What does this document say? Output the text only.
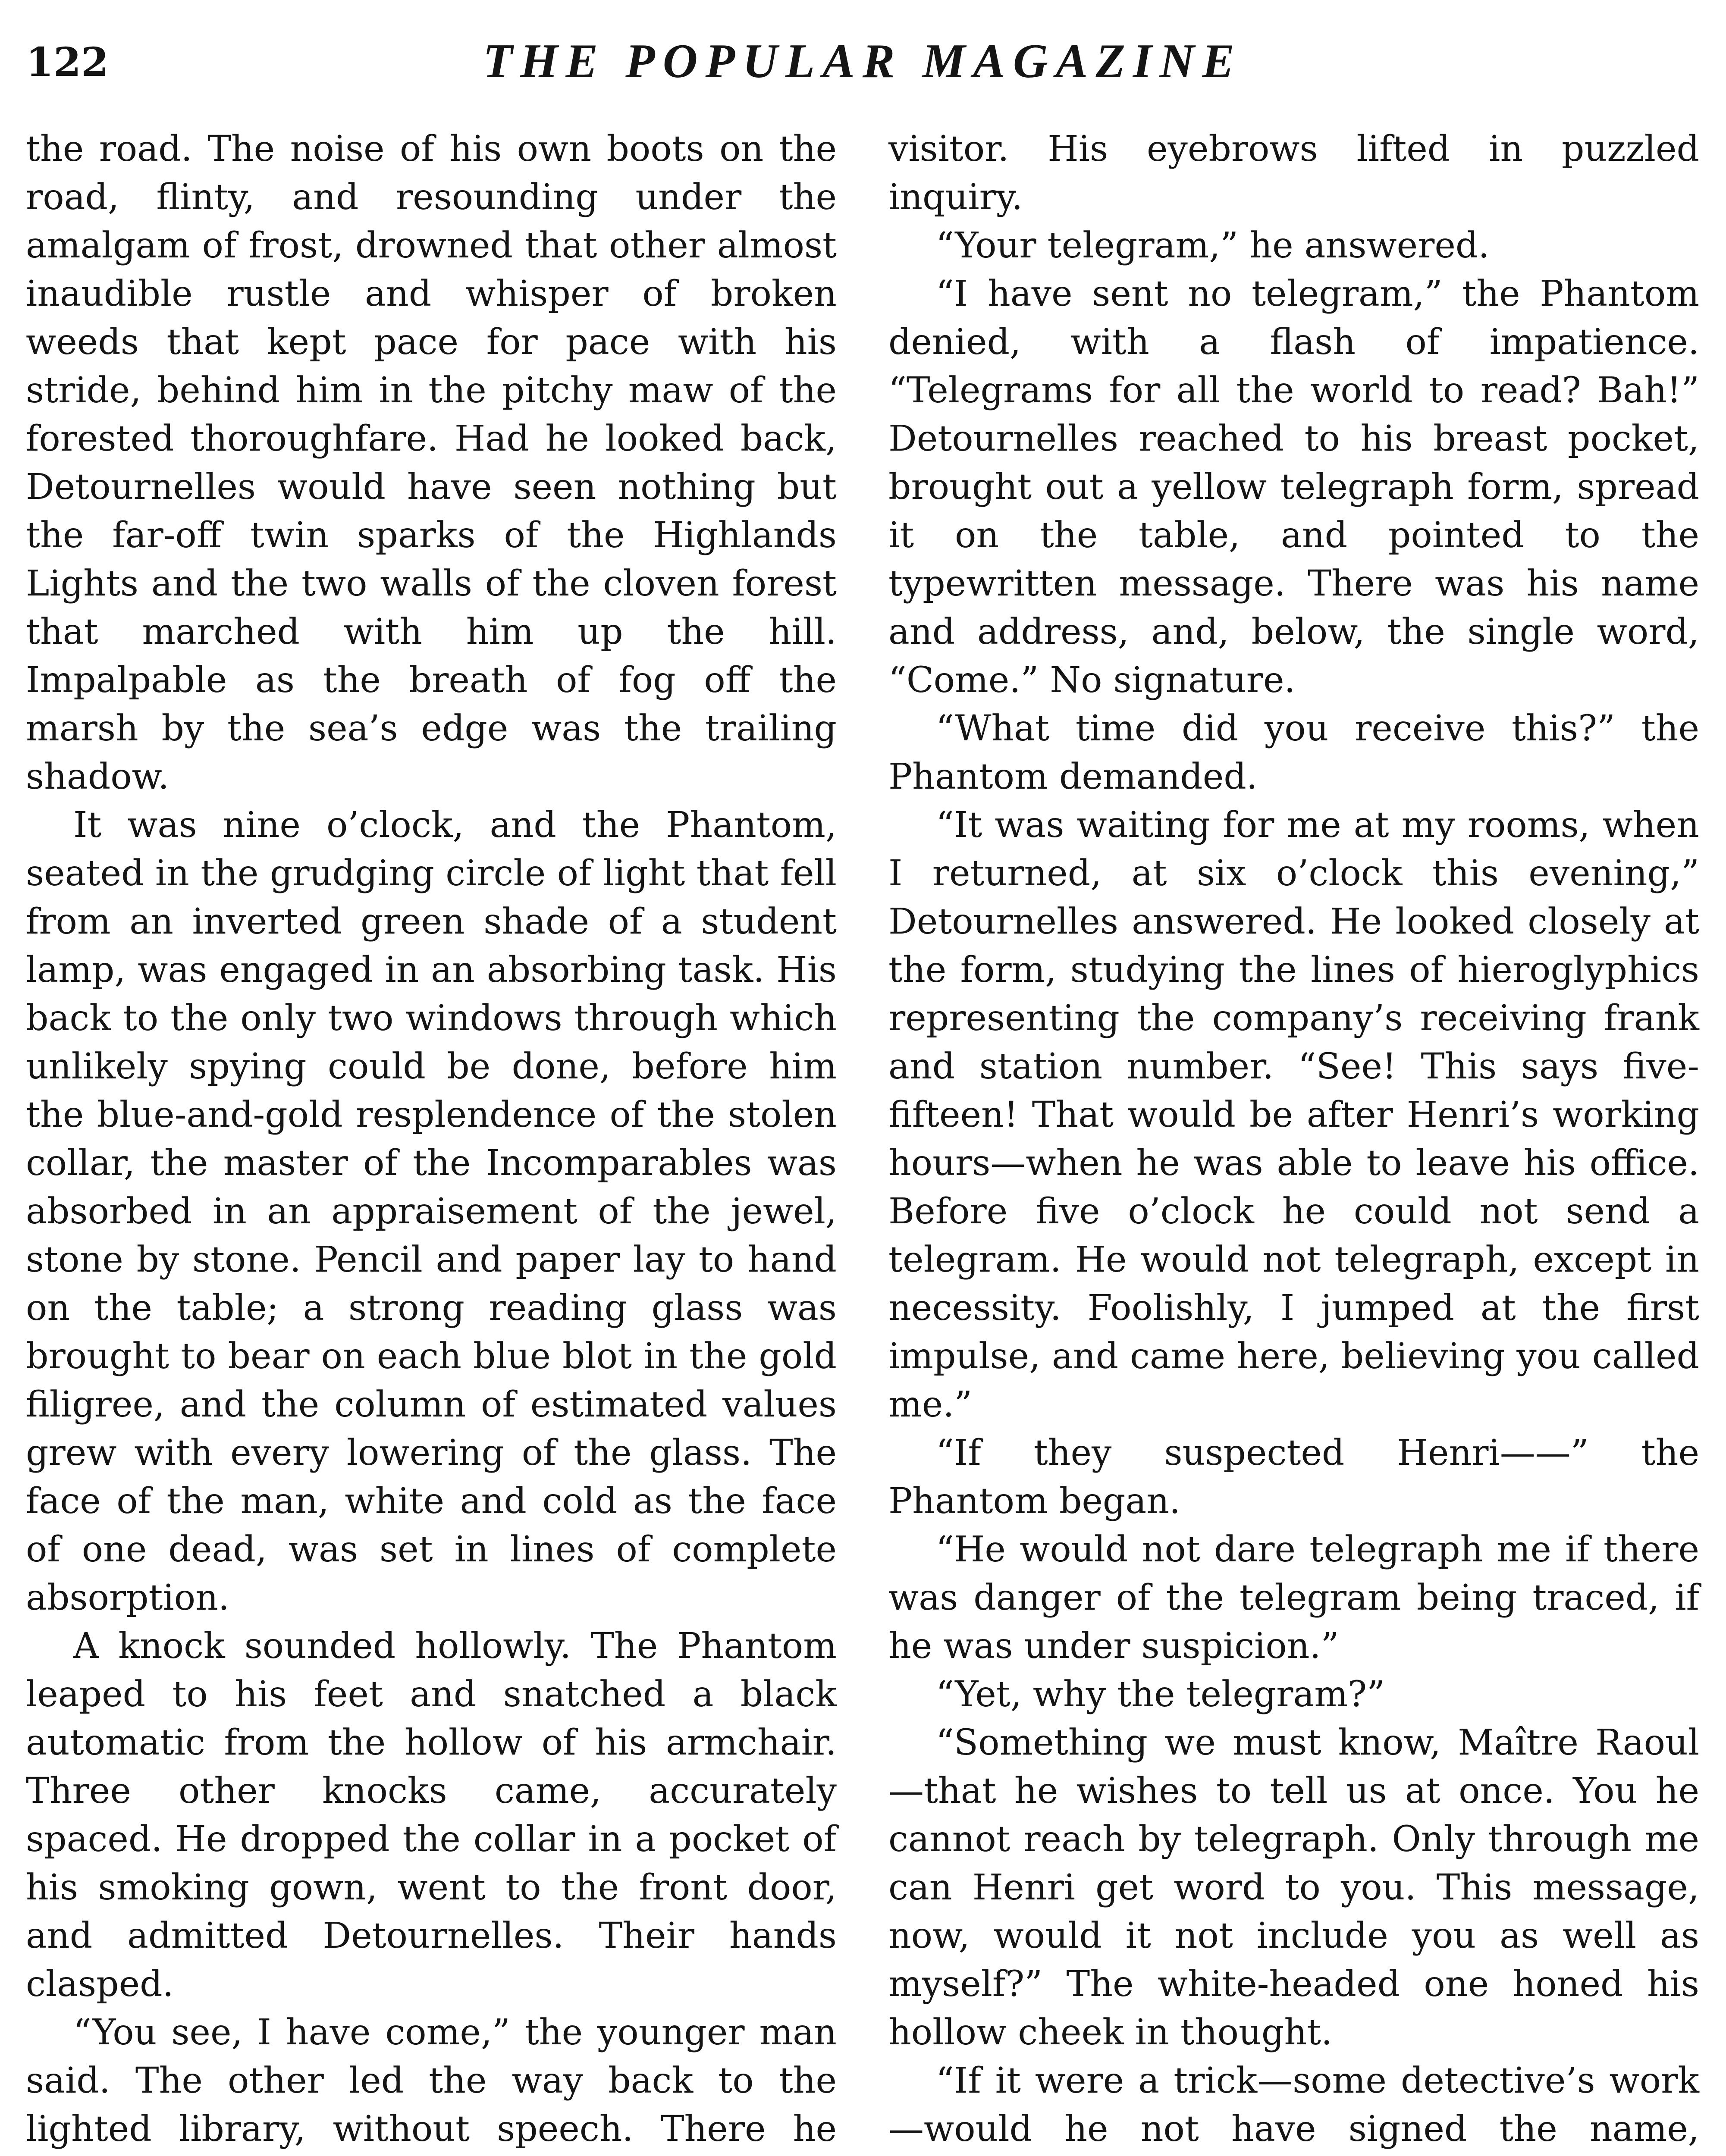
122	THE POPULAR MAGAZINE

the road. The noise of his own boots on the road, flinty, and resounding under the amalgam of frost, drowned that other almost inaudible rustle and whisper of broken weeds that kept pace for pace with his stride, behind him in the pitchy maw of the forested thoroughfare. Had he looked back, Detournelles would have seen nothing but the far-off twin sparks of the Highlands Lights and the two walls of the cloven forest that marched with him up the hill. Impalpable as the breath of fog off the marsh by the sea’s edge was the trailing shadow.

It was nine o’clock, and the Phantom, seated in the grudging circle of light that fell from an inverted green shade of a student lamp, was engaged in an absorbing task. His back to the only two windows through which unlikely spying could be done, before him the blue-and-gold resplendence of the stolen collar, the master of the Incomparables was absorbed in an appraisement of the jewel, stone by stone. Pencil and paper lay to hand on the table; a strong reading glass was brought to bear on each blue blot in the gold filigree, and the column of estimated values grew with every lowering of the glass. The face of the man, white and cold as the face of one dead, was set in lines of complete absorption.

A knock sounded hollowly. The Phantom leaped to his feet and snatched a black automatic from the hollow of his armchair. Three other knocks came, accurately spaced. He dropped the collar in a pocket of his smoking gown, went to the front door, and admitted Detournelles. Their hands clasped.

“You see, I have come,” the younger man said. The other led the way back to the lighted library, without speech. There he

visitor. His eyebrows lifted in puzzled inquiry.

“Your telegram,” he answered.

“I have sent no telegram,” the Phantom denied, with a flash of impatience. “Telegrams for all the world to read? Bah!” Detournelles reached to his breast pocket, brought out a yellow telegraph form, spread it on the table, and pointed to the typewritten message. There was his name and address, and, below, the single word, “Come.” No signature.

“What time did you receive this?” the Phantom demanded.

“It was waiting for me at my rooms, when I returned, at six o’clock this evening,” Detournelles answered. He looked closely at the form, studying the lines of hieroglyphics representing the company’s receiving frank and station number. “See! This says five-fifteen! That would be after Henri’s working hours—when he was able to leave his office. Before five o’clock he could not send a telegram. He would not telegraph, except in necessity. Foolishly, I jumped at the first impulse, and came here, believing you called me.”

“If they suspected Henri——” the Phantom began.

“He would not dare telegraph me if there was danger of the telegram being traced, if he was under suspicion.”

“Yet, why the telegram?”

“Something we must know, Maître Raoul—that he wishes to tell us at once. You he cannot reach by telegraph. Only through me can Henri get word to you. This message, now, would it not include you as well as myself?” The white-headed one honed his hollow cheek in thought.

“If it were a trick—some detective’s work—would he not have signed the name,
